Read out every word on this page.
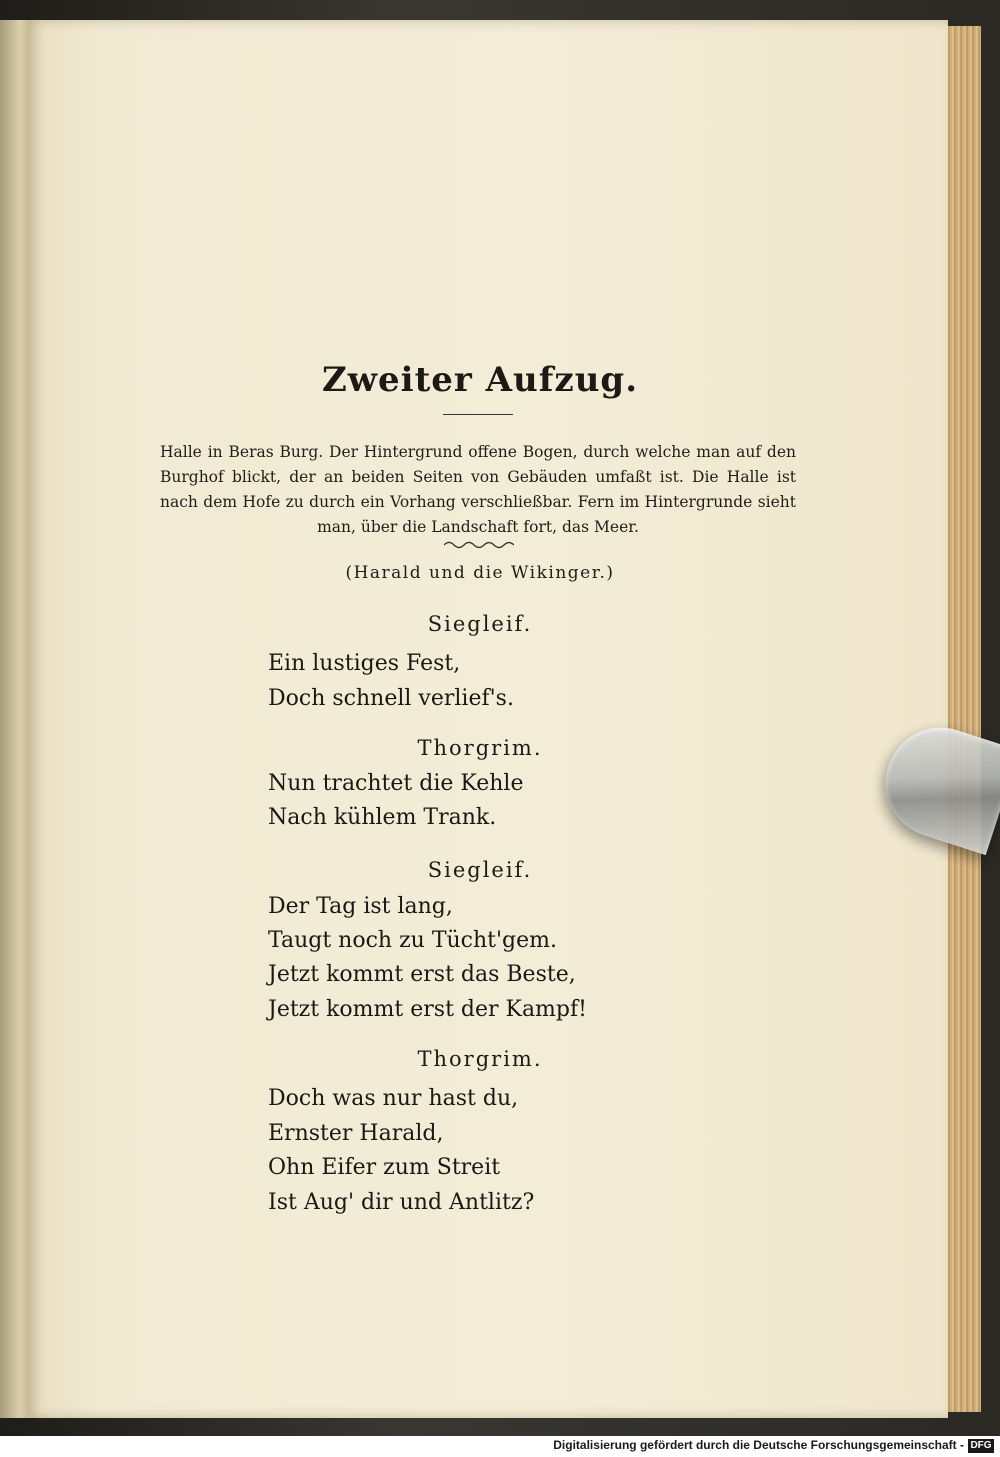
Zweiter Aufzug.

Halle in Beras Burg. Der Hintergrund offene Bogen, durch welche man auf den Burghof blickt, der an beiden Seiten von Gebäuden umfaßt ist. Die Halle ist nach dem Hofe zu durch ein Vorhang verschließbar. Fern im Hintergrunde sieht man, über die Landschaft fort, das Meer.

(Harald und die Wikinger.)
Siegleif.
Ein lustiges Fest,
Doch schnell verlief's.
Thorgrim.
Nun trachtet die Kehle
Nach kühlem Trank.
Siegleif.
Der Tag ist lang,
Taugt noch zu Tücht'gem.
Jetzt kommt erst das Beste,
Jetzt kommt erst der Kampf!
Thorgrim.
Doch was nur hast du,
Ernster Harald,
Ohn Eifer zum Streit
Ist Aug' dir und Antlitz?
Digitalisierung gefördert durch die Deutsche Forschungsgemeinschaft - DFG
